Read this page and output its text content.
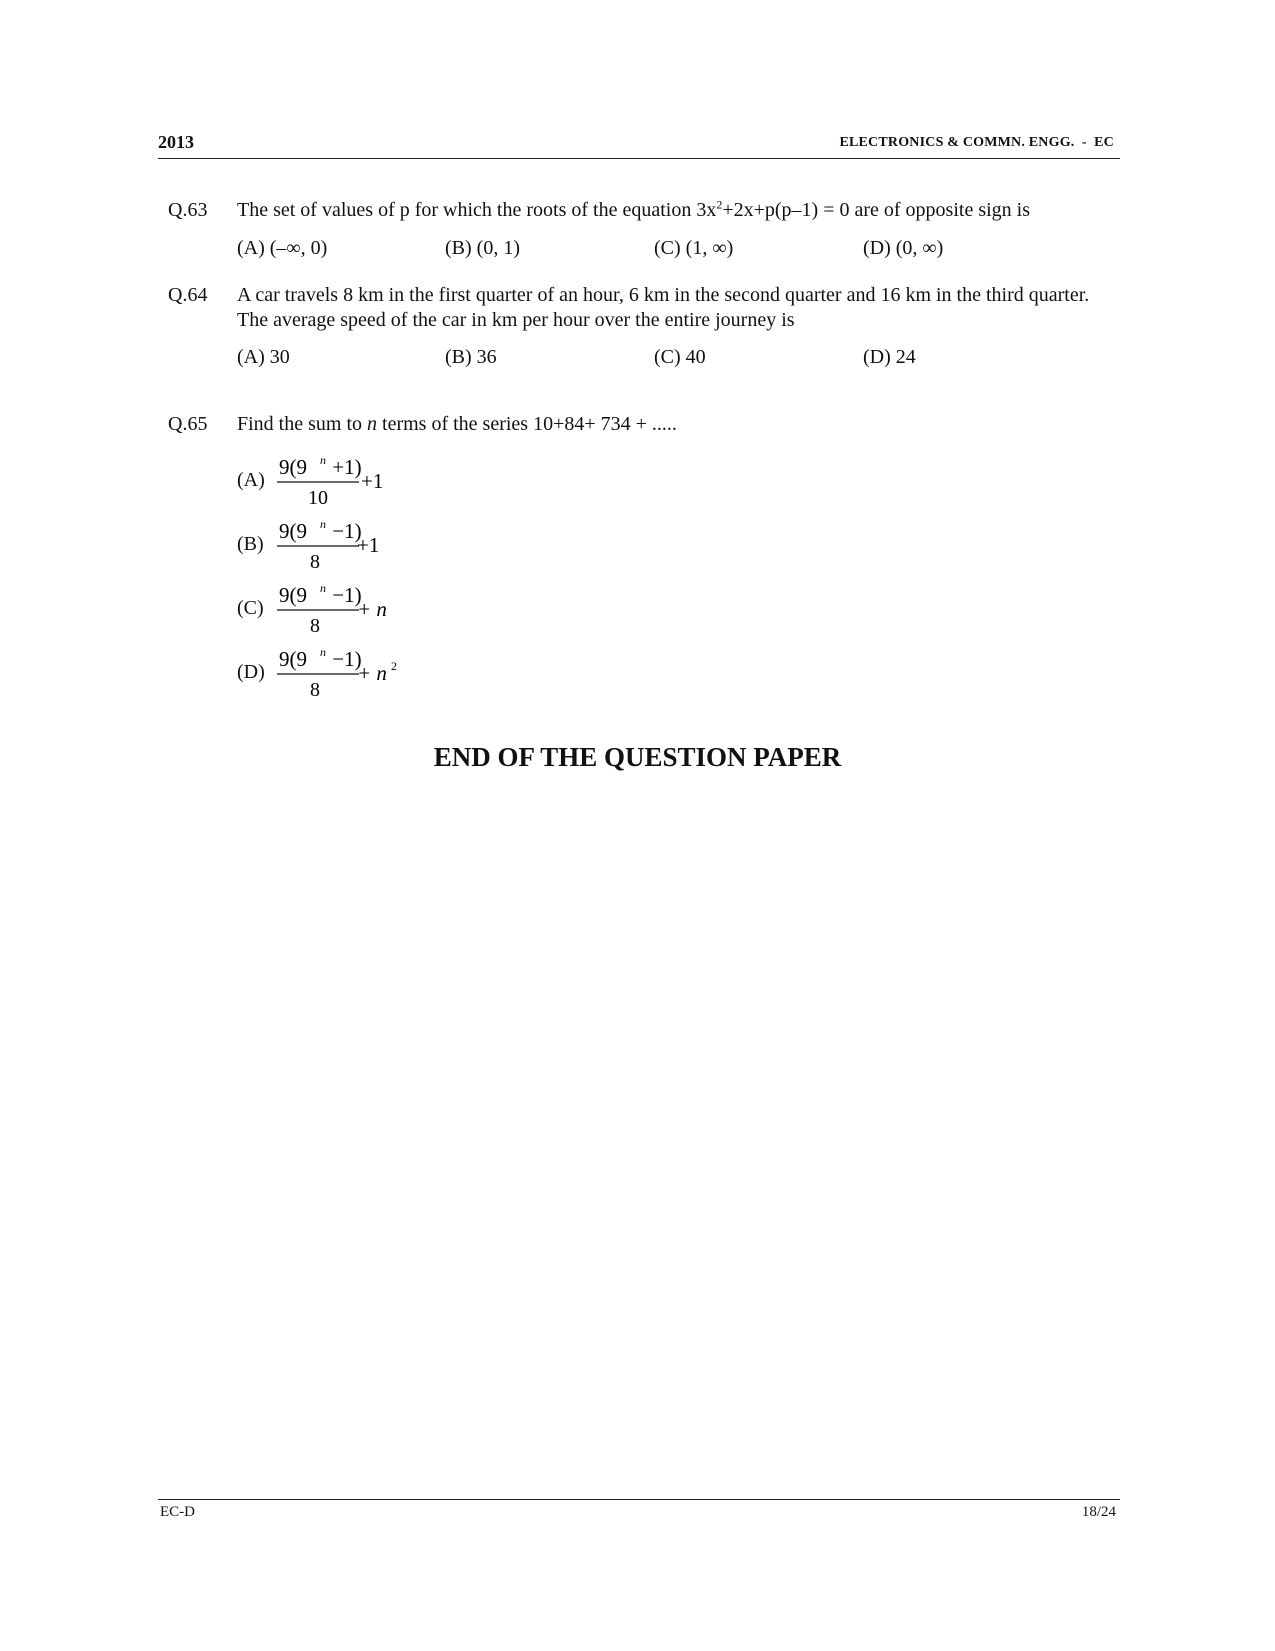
2013	ELECTRONICS & COMMN. ENGG.  -  EC
Q.63	The set of values of p for which the roots of the equation $3x^2+2x+p(p-1) = 0$ are of opposite sign is
(A) (–∞, 0)	(B) (0, 1)	(C) (1, ∞)	(D) (0, ∞)
Q.64	A car travels 8 km in the first quarter of an hour, 6 km in the second quarter and 16 km in the third quarter. The average speed of the car in km per hour over the entire journey is
(A) 30	(B) 36	(C) 40	(D) 24
Q.65	Find the sum to n terms of the series 10+84+ 734 + .....
(A)
9(9 n +1)
10
+1
(B)
9(9 n −1)
8
+1
(C)
9(9 n −1)
8
+ n
(D)
9(9 n −1)
8
+ n 2
END OF THE QUESTION PAPER
EC-D	18/24
